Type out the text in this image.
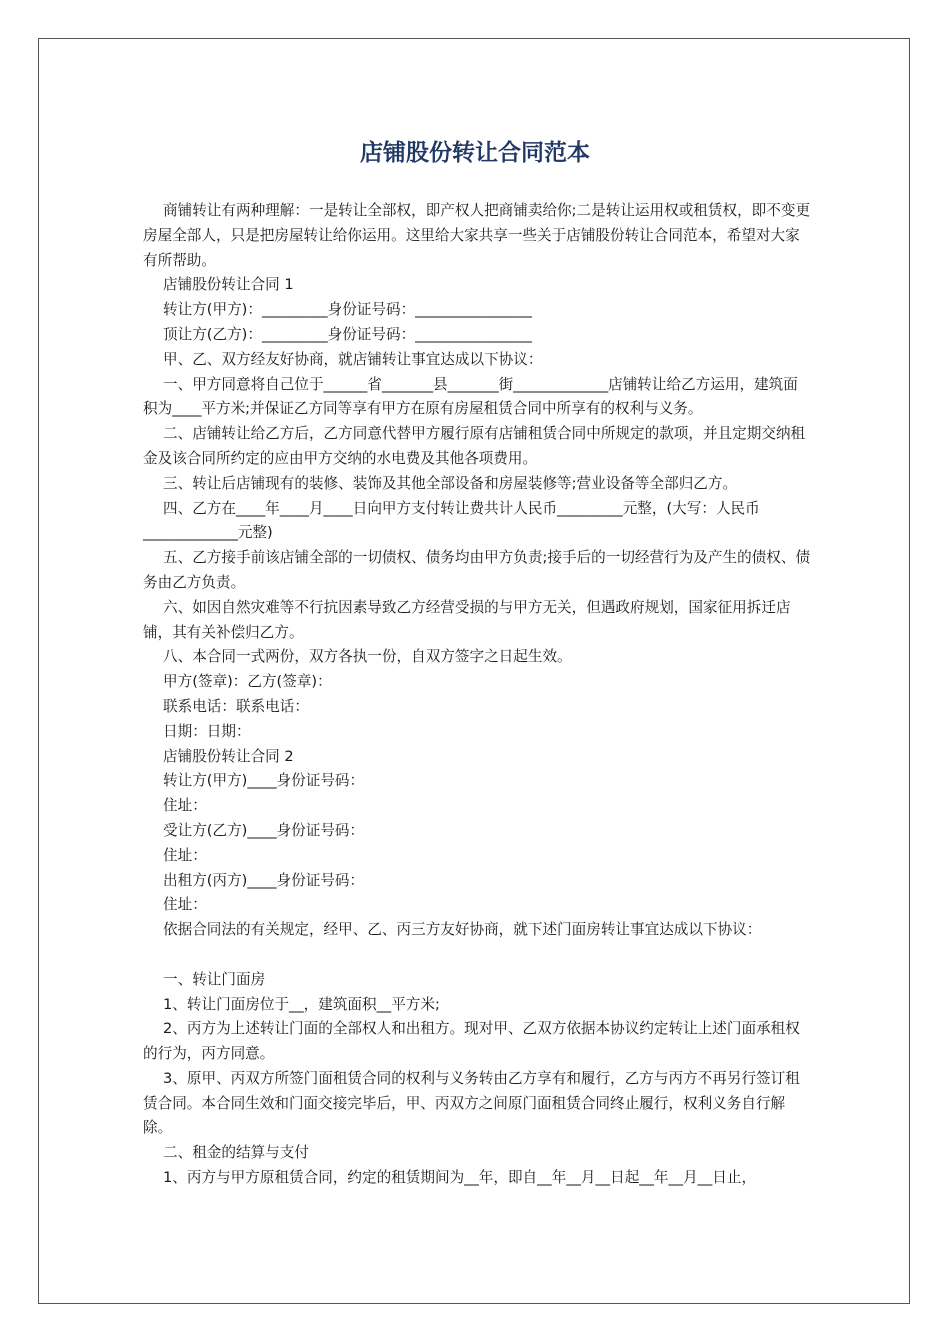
店铺股份转让合同范本

商铺转让有两种理解：一是转让全部权，即产权人把商铺卖给你;二是转让运用权或租赁权，即不变更房屋全部人，只是把房屋转让给你运用。这里给大家共享一些关于店铺股份转让合同范本，希望对大家有所帮助。

店铺股份转让合同 1

转让方(甲方)：_________身份证号码：________________

顶让方(乙方)：_________身份证号码：________________

甲、乙、双方经友好协商，就店铺转让事宜达成以下协议：

一、甲方同意将自己位于______省_______县_______街_____________店铺转让给乙方运用，建筑面积为____平方米;并保证乙方同等享有甲方在原有房屋租赁合同中所享有的权利与义务。

二、店铺转让给乙方后，乙方同意代替甲方履行原有店铺租赁合同中所规定的款项，并且定期交纳租金及该合同所约定的应由甲方交纳的水电费及其他各项费用。

三、转让后店铺现有的装修、装饰及其他全部设备和房屋装修等;营业设备等全部归乙方。

四、乙方在____年____月____日向甲方支付转让费共计人民币_________元整，(大写：人民币_____________元整)

五、乙方接手前该店铺全部的一切债权、债务均由甲方负责;接手后的一切经营行为及产生的债权、债务由乙方负责。

六、如因自然灾难等不行抗因素导致乙方经营受损的与甲方无关，但遇政府规划，国家征用拆迁店铺，其有关补偿归乙方。

八、本合同一式两份，双方各执一份，自双方签字之日起生效。

甲方(签章)：乙方(签章)：

联系电话：联系电话：

日期：日期：

店铺股份转让合同 2

转让方(甲方)____身份证号码：

住址：

受让方(乙方)____身份证号码：

住址：

出租方(丙方)____身份证号码：

住址：

依据合同法的有关规定，经甲、乙、丙三方友好协商，就下述门面房转让事宜达成以下协议：

一、转让门面房

1、转让门面房位于__，建筑面积__平方米;

2、丙方为上述转让门面的全部权人和出租方。现对甲、乙双方依据本协议约定转让上述门面承租权的行为，丙方同意。

3、原甲、丙双方所签门面租赁合同的权利与义务转由乙方享有和履行，乙方与丙方不再另行签订租赁合同。本合同生效和门面交接完毕后，甲、丙双方之间原门面租赁合同终止履行，权利义务自行解除。

二、租金的结算与支付

1、丙方与甲方原租赁合同，约定的租赁期间为__年，即自__年__月__日起__年__月__日止，
